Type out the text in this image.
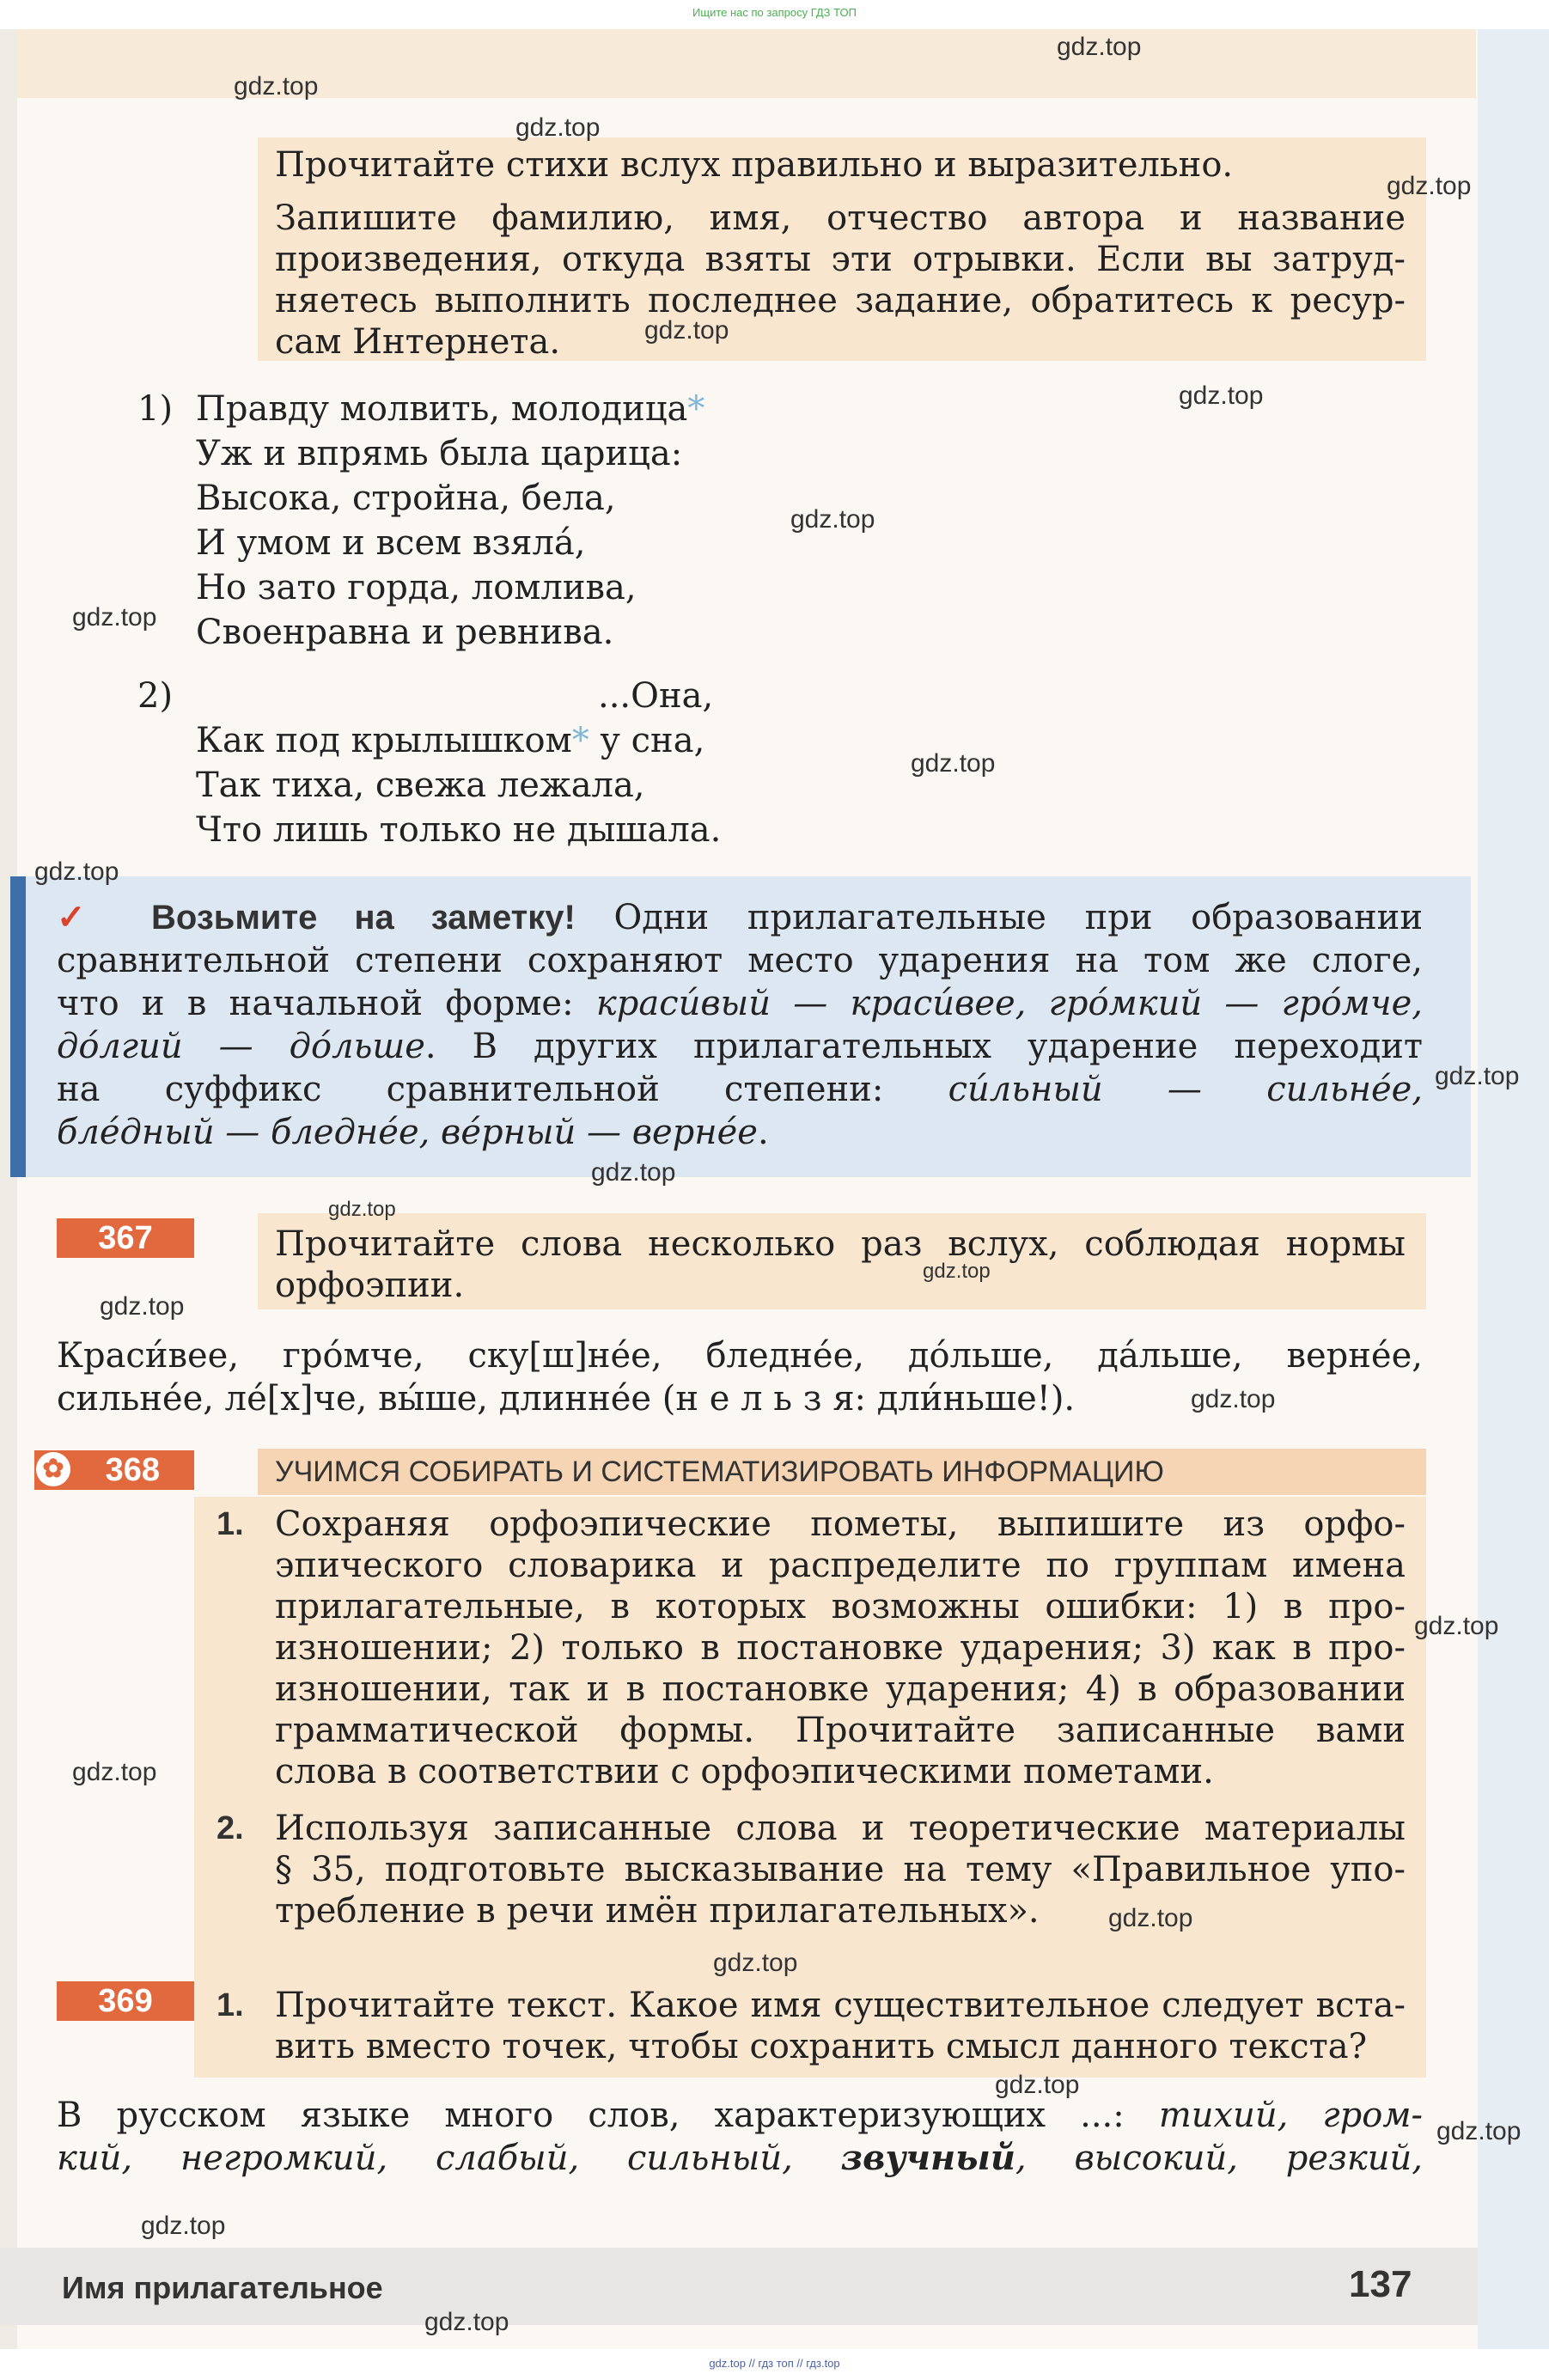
Ищите нас по запросу ГДЗ ТОП
Прочитайте стихи вслух правильно и выразительно.
Запишите фамилию, имя, отчество автора и название
произведения, откуда взяты эти отрывки. Если вы затруд-
няетесь выполнить последнее задание, обратитесь к ресур-
сам Интернета.
1) Правду молвить, молодица*
Уж и впрямь была царица:
Высока, стройна, бела,
И умом и всем взяла́,
Но зато горда, ломлива,
Своенравна и ревнива.
2)	...Она,
Как под крылышком* у сна,
Так тиха, свежа лежала,
Что лишь только не дышала.
✓ Возьмите на заметку! Одни прилагательные при образовании
сравнительной степени сохраняют место ударения на том же слоге,
что и в начальной форме: краси́вый — краси́вее, гро́мкий — гро́мче,
до́лгий — до́льше. В других прилагательных ударение переходит
на суффикс сравнительной степени: си́льный — сильне́е,
бле́дный — бледне́е, ве́рный — верне́е.
367	Прочитайте слова несколько раз вслух, соблюдая нормы
орфоэпии.
Краси́вее, гро́мче, ску[ш]не́е, бледне́е, до́льше, да́льше, верне́е,
сильне́е, ле́[х]че, вы́ше, длинне́е (н е л ь з я: дли́ньше!).
✿ 368	УЧИМСЯ СОБИРАТЬ И СИСТЕМАТИЗИРОВАТЬ ИНФОРМАЦИЮ
1. Сохраняя орфоэпические пометы, выпишите из орфо-
эпического словарика и распределите по группам имена
прилагательные, в которых возможны ошибки: 1) в про-
изношении; 2) только в постановке ударения; 3) как в про-
изношении, так и в постановке ударения; 4) в образовании
грамматической формы. Прочитайте записанные вами
слова в соответствии с орфоэпическими пометами.
2. Используя записанные слова и теоретические материалы
§ 35, подготовьте высказывание на тему «Правильное упо-
требление в речи имён прилагательных».
369	1. Прочитайте текст. Какое имя существительное следует вста-
вить вместо точек, чтобы сохранить смысл данного текста?
В русском языке много слов, характеризующих ...: тихий, гром-
кий, негромкий, слабый, сильный, звучный, высокий, резкий,
Имя прилагательное	137
gdz.top // гдз топ // гдз.top
gdz.top
gdz.top
gdz.top
gdz.top
gdz.top
gdz.top
gdz.top
gdz.top
gdz.top
gdz.top
gdz.top
gdz.top
gdz.top
gdz.top
gdz.top
gdz.top
gdz.top
gdz.top
gdz.top
gdz.top
gdz.top
gdz.top
gdz.top
gdz.top
